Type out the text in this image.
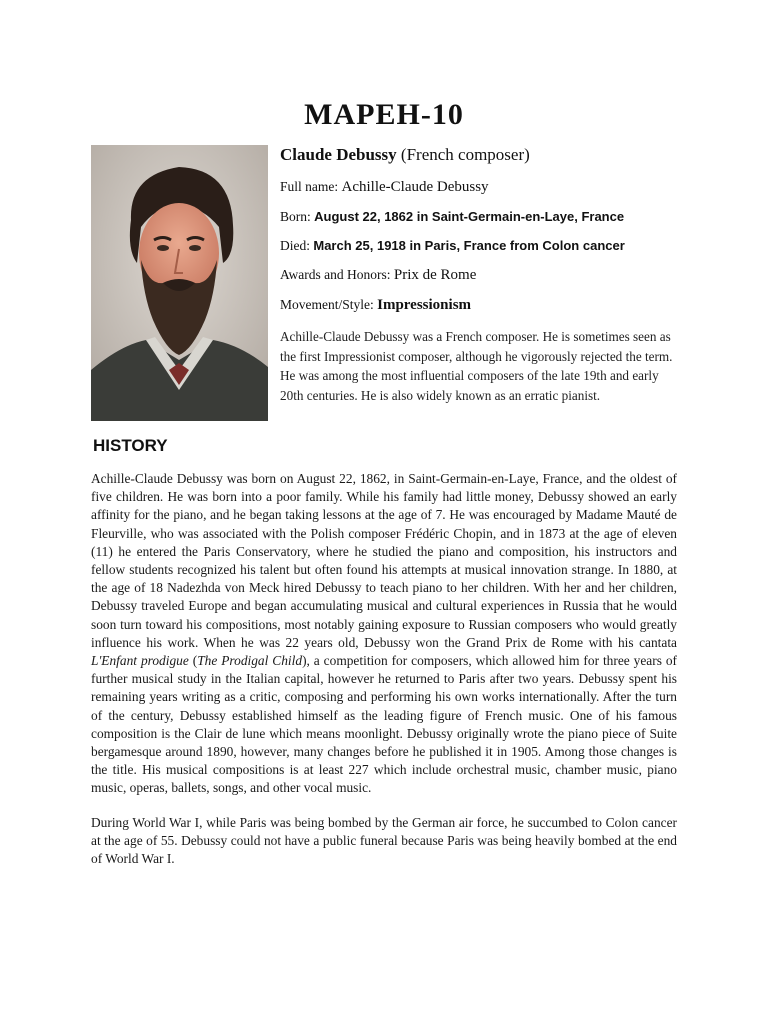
MAPEH-10

Claude Debussy (French composer)

Full name: Achille-Claude Debussy

Born: August 22, 1862 in Saint-Germain-en-Laye, France

Died: March 25, 1918 in Paris, France from Colon cancer

Awards and Honors: Prix de Rome

Movement/Style: Impressionism

Achille-Claude Debussy was a French composer. He is sometimes seen as the first Impressionist composer, although he vigorously rejected the term. He was among the most influential composers of the late 19th and early 20th centuries. He is also widely known as an erratic pianist.

HISTORY

Achille-Claude Debussy was born on August 22, 1862, in Saint-Germain-en-Laye, France, and the oldest of five children. He was born into a poor family. While his family had little money, Debussy showed an early affinity for the piano, and he began taking lessons at the age of 7. He was encouraged by Madame Mauté de Fleurville, who was associated with the Polish composer Frédéric Chopin, and in 1873 at the age of eleven (11) he entered the Paris Conservatory, where he studied the piano and composition, his instructors and fellow students recognized his talent but often found his attempts at musical innovation strange. In 1880, at the age of 18 Nadezhda von Meck hired Debussy to teach piano to her children. With her and her children, Debussy traveled Europe and began accumulating musical and cultural experiences in Russia that he would soon turn toward his compositions, most notably gaining exposure to Russian composers who would greatly influence his work. When he was 22 years old, Debussy won the Grand Prix de Rome with his cantata L'Enfant prodigue (The Prodigal Child), a competition for composers, which allowed him for three years of further musical study in the Italian capital, however he returned to Paris after two years. Debussy spent his remaining years writing as a critic, composing and performing his own works internationally. After the turn of the century, Debussy established himself as the leading figure of French music. One of his famous composition is the Clair de lune which means moonlight. Debussy originally wrote the piano piece of Suite bergamesque around 1890, however, many changes before he published it in 1905. Among those changes is the title. His musical compositions is at least 227 which include orchestral music, chamber music, piano music, operas, ballets, songs, and other vocal music.

During World War I, while Paris was being bombed by the German air force, he succumbed to Colon cancer at the age of 55. Debussy could not have a public funeral because Paris was being heavily bombed at the end of World War I.
